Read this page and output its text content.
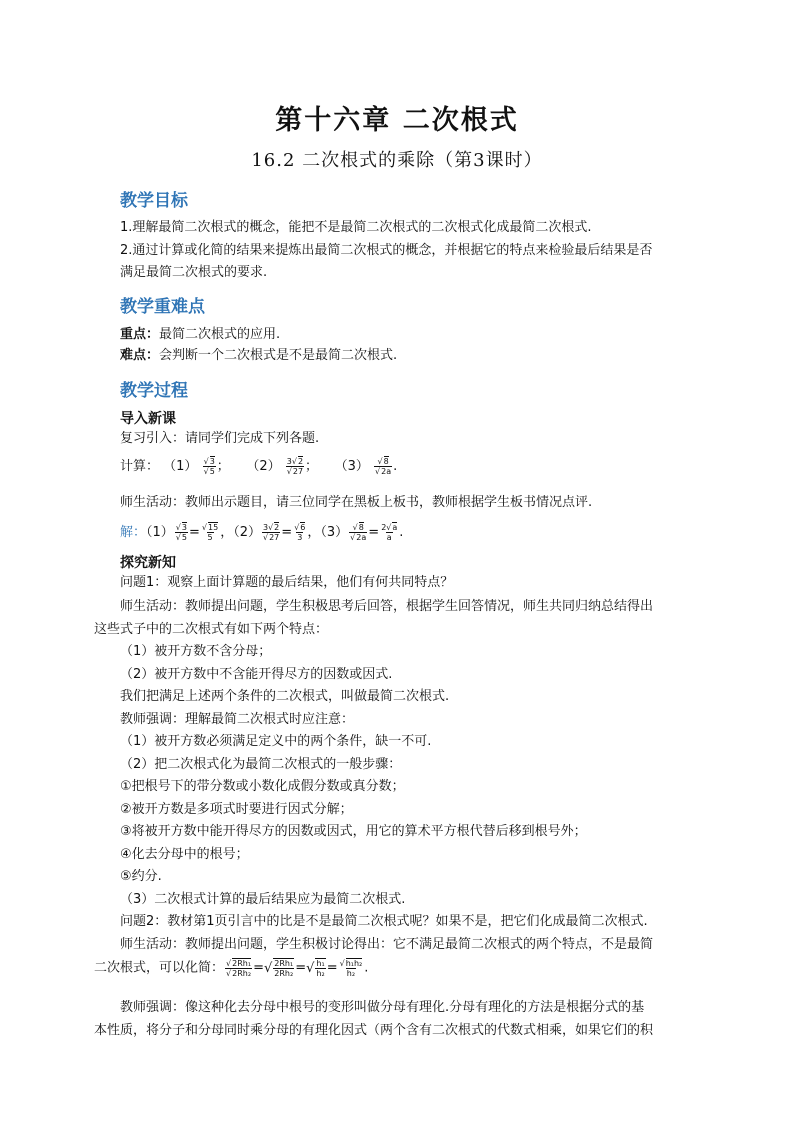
第十六章 二次根式
16.2 二次根式的乘除（第3课时）
教学目标
1.理解最简二次根式的概念，能把不是最简二次根式的二次根式化成最简二次根式.
2.通过计算或化简的结果来提炼出最简二次根式的概念，并根据它的特点来检验最后结果是否
满足最简二次根式的要求.
教学重难点
重点：最简二次根式的应用.
难点：会判断一个二次根式是不是最简二次根式.
教学过程
导入新课
复习引入：请同学们完成下列各题.
计算： $(1) \frac{√3}{√5}$ ； $(2) \frac{3√2}{√27}$ ； $(3) \frac{√8}{√2a}$ .
师生活动：教师出示题目，请三位同学在黑板上板书，教师根据学生板书情况点评.
解：$(1) \frac{√3}{√5} = \frac{√15}{5}$ ，$(2) \frac{3√2}{√27} = \frac{√6}{3}$ ，$(3) \frac{√8}{√2a} = \frac{2√a}{a}$ .
探究新知
问题1：观察上面计算题的最后结果，他们有何共同特点？
师生活动：教师提出问题，学生积极思考后回答，根据学生回答情况，师生共同归纳总结得出
这些式子中的二次根式有如下两个特点：
（1）被开方数不含分母；
（2）被开方数中不含能开得尽方的因数或因式.
我们把满足上述两个条件的二次根式，叫做最简二次根式.
教师强调：理解最简二次根式时应注意：
（1）被开方数必须满足定义中的两个条件，缺一不可.
（2）把二次根式化为最简二次根式的一般步骤：
①把根号下的带分数或小数化成假分数或真分数；
②被开方数是多项式时要进行因式分解；
③将被开方数中能开得尽方的因数或因式，用它的算术平方根代替后移到根号外；
④化去分母中的根号；
⑤约分.
（3）二次根式计算的最后结果应为最简二次根式.
问题2：教材第1页引言中的比是不是最简二次根式呢？如果不是，把它们化成最简二次根式.
师生活动：教师提出问题，学生积极讨论得出：它不满足最简二次根式的两个特点，不是最简
二次根式，可以化简： $\frac{\text{√2Rh₁}}{\text{√2Rh₂}}$ =√ $\frac{\text{2Rh₁}}{\text{2Rh₂}}$ =√ $\frac{\text{h₁}}{\text{h₂}} = \frac{\text{√h₁h₂}}{\text{h₂}}$ .
教师强调：像这种化去分母中根号的变形叫做分母有理化.分母有理化的方法是根据分式的基
本性质，将分子和分母同时乘分母的有理化因式（两个含有二次根式的代数式相乘，如果它们的积
